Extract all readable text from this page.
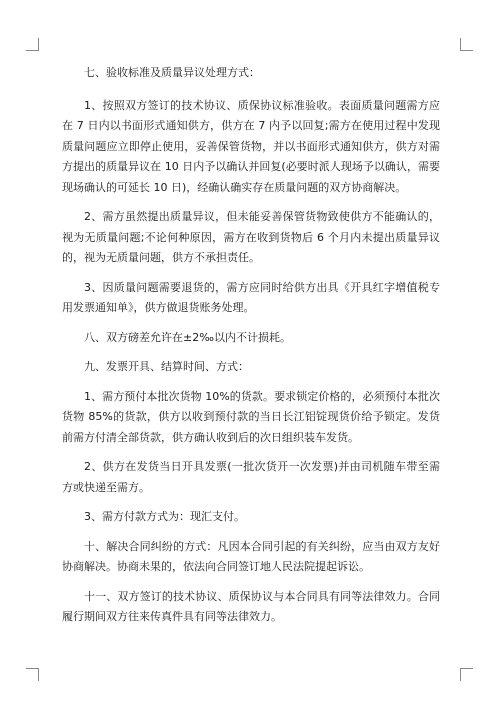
七、验收标准及质量异议处理方式：

1、按照双方签订的技术协议、质保协议标准验收。表面质量问题需方应在 7 日内以书面形式通知供方，供方在 7 内予以回复;需方在使用过程中发现质量问题应立即停止使用，妥善保管货物，并以书面形式通知供方，供方对需方提出的质量异议在 10 日内予以确认并回复(必要时派人现场予以确认，需要现场确认的可延长 10 日)，经确认确实存在质量问题的双方协商解决。

2、需方虽然提出质量异议，但未能妥善保管货物致使供方不能确认的，视为无质量问题;不论何种原因，需方在收到货物后 6 个月内未提出质量异议的，视为无质量问题，供方不承担责任。

3、因质量问题需要退货的，需方应同时给供方出具《开具红字增值税专用发票通知单》，供方做退货账务处理。

八、双方磅差允许在±2‰以内不计损耗。

九、发票开具、结算时间、方式：

1、需方预付本批次货物 10%的货款。要求锁定价格的，必须预付本批次货物 85%的货款，供方以收到预付款的当日长江铝锭现货价给予锁定。发货前需方付清全部货款，供方确认收到后的次日组织装车发货。

2、供方在发货当日开具发票(一批次货开一次发票)并由司机随车带至需方或快递至需方。

3、需方付款方式为：现汇支付。

十、解决合同纠纷的方式：凡因本合同引起的有关纠纷，应当由双方友好协商解决。协商未果的，依法向合同签订地人民法院提起诉讼。

十一、双方签订的技术协议、质保协议与本合同具有同等法律效力。合同履行期间双方往来传真件具有同等法律效力。
